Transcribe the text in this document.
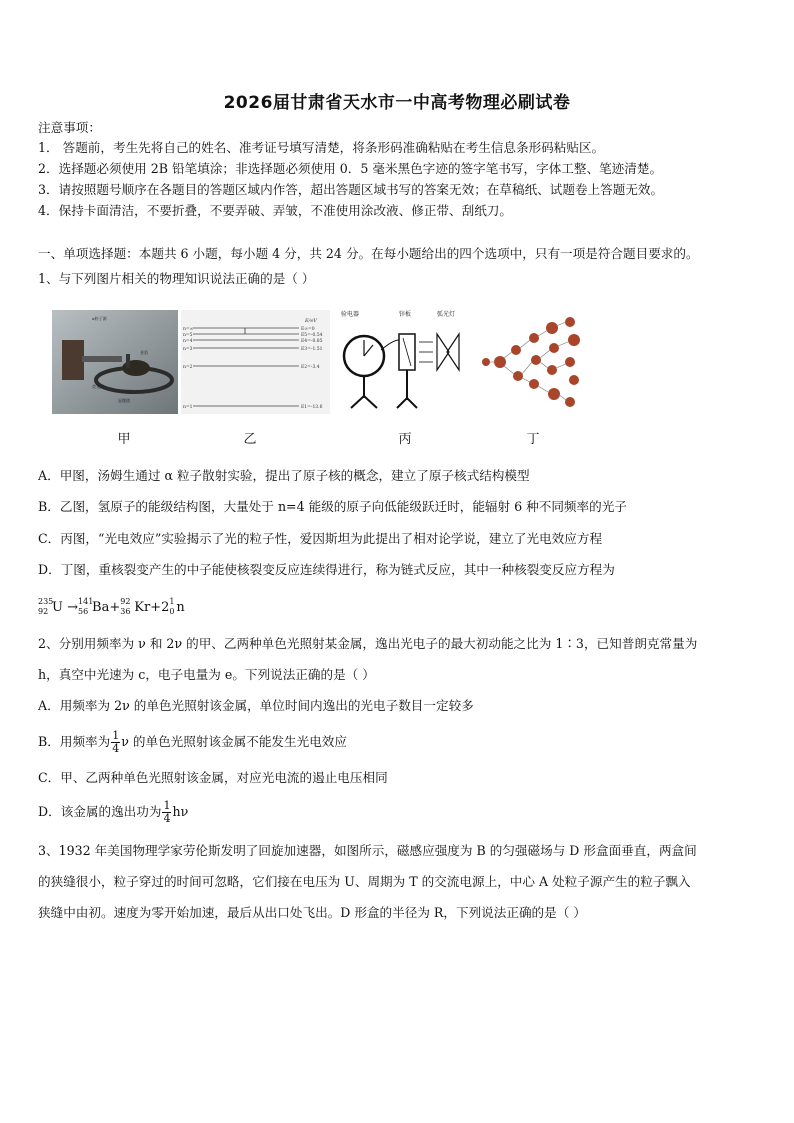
2026届甘肃省天水市一中高考物理必刷试卷
注意事项：
1． 答题前，考生先将自己的姓名、准考证号填写清楚，将条形码准确粘贴在考生信息条形码粘贴区。
2．选择题必须使用 2B 铅笔填涂；非选择题必须使用 0．5 毫米黑色字迹的签字笔书写，字体工整、笔迹清楚。
3．请按照题号顺序在各题目的答题区域内作答，超出答题区域书写的答案无效；在草稿纸、试题卷上答题无效。
4．保持卡面清洁，不要折叠，不要弄破、弄皱，不准使用涂改液、修正带、刮纸刀。
一、单项选择题：本题共 6 小题，每小题 4 分，共 24 分。在每小题给出的四个选项中，只有一项是符合题目要求的。
1、与下列图片相关的物理知识说法正确的是（ ）
α粒子源
金箔
荧光屏
显微镜
E/eV
n=∞	E∞=0
n=5	E5=-0.54
n=4	E4=-0.85
n=3	E3=-1.51
n=2	E2=-3.4
n=1	E1=-13.6
验电器	锌板	弧光灯
甲	乙	丙	丁
A．甲图，汤姆生通过 α 粒子散射实验，提出了原子核的概念，建立了原子核式结构模型
B．乙图，氢原子的能级结构图，大量处于 n=4 能级的原子向低能级跃迁时，能辐射 6 种不同频率的光子
C．丙图，“光电效应”实验揭示了光的粒子性，爱因斯坦为此提出了相对论学说，建立了光电效应方程
D．丁图，重核裂变产生的中子能使核裂变反应连续得进行，称为链式反应，其中一种核裂变反应方程为
235
92 U → 141
56 Ba+ 92
36 Kr+2 1
0 n
2、分别用频率为 ν 和 2ν 的甲、乙两种单色光照射某金属，逸出光电子的最大初动能之比为 1∶3，已知普朗克常量为
h，真空中光速为 c，电子电量为 e。下列说法正确的是（ ）
A．用频率为 2ν 的单色光照射该金属，单位时间内逸出的光电子数目一定较多
B．用频率为 $\frac{1}{4}$ ν 的单色光照射该金属不能发生光电效应
C．甲、乙两种单色光照射该金属，对应光电流的遏止电压相同
D．该金属的逸出功为 $\frac{1}{4}$ hν
3、1932 年美国物理学家劳伦斯发明了回旋加速器，如图所示，磁感应强度为 B 的匀强磁场与 D 形盒面垂直，两盒间
的狭缝很小，粒子穿过的时间可忽略，它们接在电压为 U、周期为 T 的交流电源上，中心 A 处粒子源产生的粒子飘入
狭缝中由初。速度为零开始加速，最后从出口处飞出。D 形盒的半径为 R，下列说法正确的是（ ）
